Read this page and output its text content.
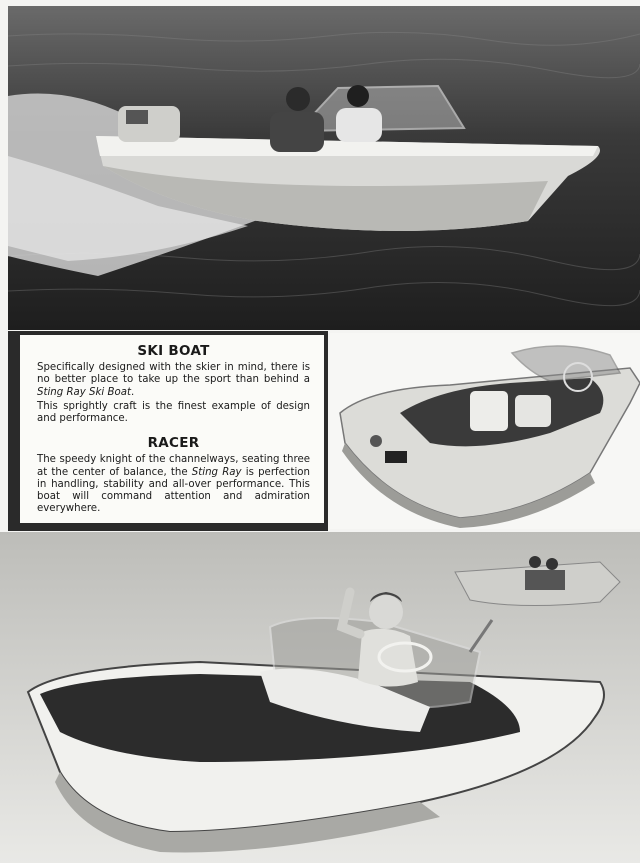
SKI BOAT

Specifically designed with the skier in mind, there is no better place to take up the sport than behind a Sting Ray Ski Boat.

This sprightly craft is the finest example of design and performance.

RACER

The speedy knight of the channelways, seating three at the center of balance, the Sting Ray is perfection in handling, stability and all-over performance. This boat will command attention and admiration everywhere.
